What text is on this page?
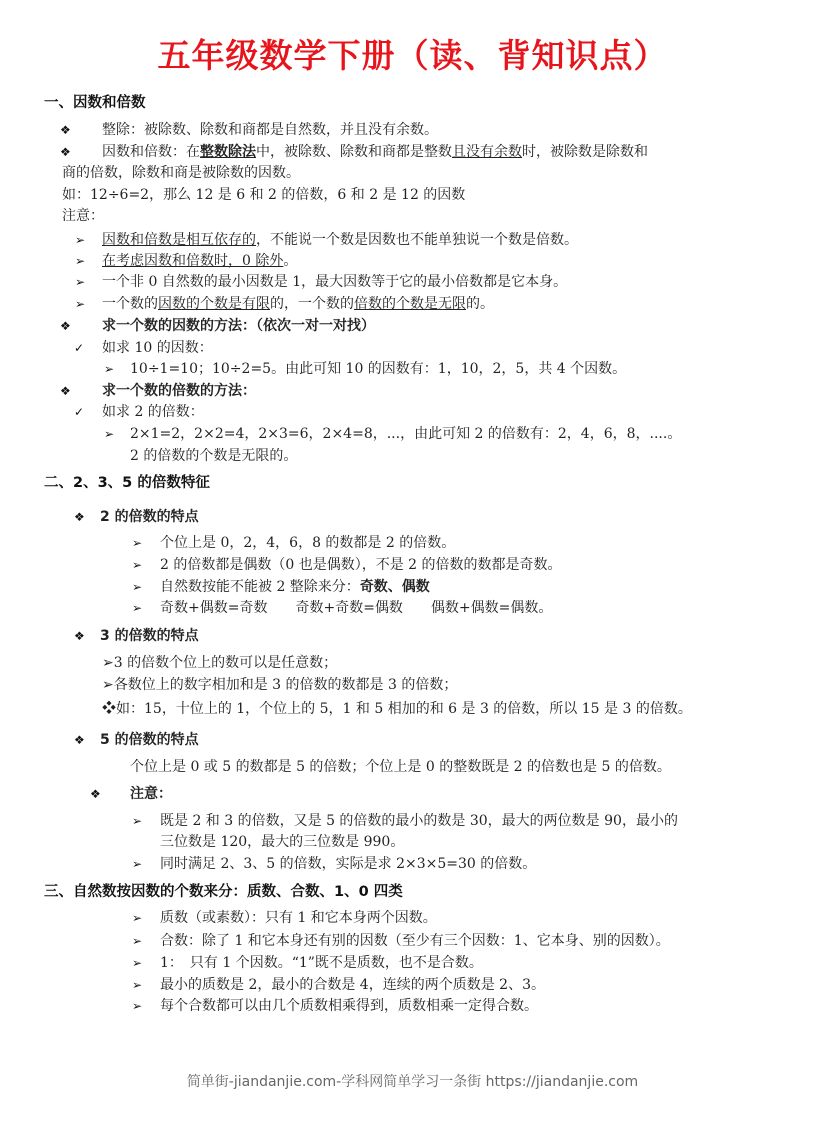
五年级数学下册（读、背知识点）
一、因数和倍数
整除：被除数、除数和商都是自然数，并且没有余数。
因数和倍数：在整数除法中，被除数、除数和商都是整数且没有余数时，被除数是除数和
商的倍数，除数和商是被除数的因数。
如：12÷6=2，那么 12 是 6 和 2 的倍数，6 和 2 是 12 的因数
注意：
因数和倍数是相互依存的，不能说一个数是因数也不能单独说一个数是倍数。
在考虑因数和倍数时，0 除外。
一个非 0 自然数的最小因数是 1，最大因数等于它的最小倍数都是它本身。
一个数的因数的个数是有限的，一个数的倍数的个数是无限的。
求一个数的因数的方法：（依次一对一对找）
如求 10 的因数：
10÷1=10；10÷2=5。由此可知 10 的因数有：1，10，2，5，共 4 个因数。
求一个数的倍数的方法：
如求 2 的倍数：
2×1=2，2×2=4，2×3=6，2×4=8，...，由此可知 2 的倍数有：2，4，6，8，....。
2 的倍数的个数是无限的。
二、2、3、5 的倍数特征
2 的倍数的特点
个位上是 0，2，4，6，8 的数都是 2 的倍数。
2 的倍数都是偶数（0 也是偶数），不是 2 的倍数的数都是奇数。
自然数按能不能被 2 整除来分：奇数、偶数
奇数+偶数=奇数　　奇数+奇数=偶数　　偶数+偶数=偶数。
3 的倍数的特点
➢3 的倍数个位上的数可以是任意数；
➢各数位上的数字相加和是 3 的倍数的数都是 3 的倍数；
❖如：15，十位上的 1，个位上的 5，1 和 5 相加的和 6 是 3 的倍数，所以 15 是 3 的倍数。
5 的倍数的特点
个位上是 0 或 5 的数都是 5 的倍数；个位上是 0 的整数既是 2 的倍数也是 5 的倍数。
注意：
既是 2 和 3 的倍数，又是 5 的倍数的最小的数是 30，最大的两位数是 90，最小的
三位数是 120，最大的三位数是 990。
同时满足 2、3、5 的倍数，实际是求 2×3×5=30 的倍数。
三、自然数按因数的个数来分：质数、合数、1、0 四类
质数（或素数）：只有 1 和它本身两个因数。
合数：除了 1 和它本身还有别的因数（至少有三个因数：1、它本身、别的因数）。
1：　只有 1 个因数。“1”既不是质数，也不是合数。
最小的质数是 2，最小的合数是 4，连续的两个质数是 2、3。
每个合数都可以由几个质数相乘得到，质数相乘一定得合数。
简单街-jiandanjie.com-学科网简单学习一条街 https://jiandanjie.com
❖
❖
➢
➢
➢
➢
❖
✓
➢
❖
✓
➢
❖
➢
➢
➢
➢
❖
❖
❖
➢
➢
➢
➢
➢
➢
➢
